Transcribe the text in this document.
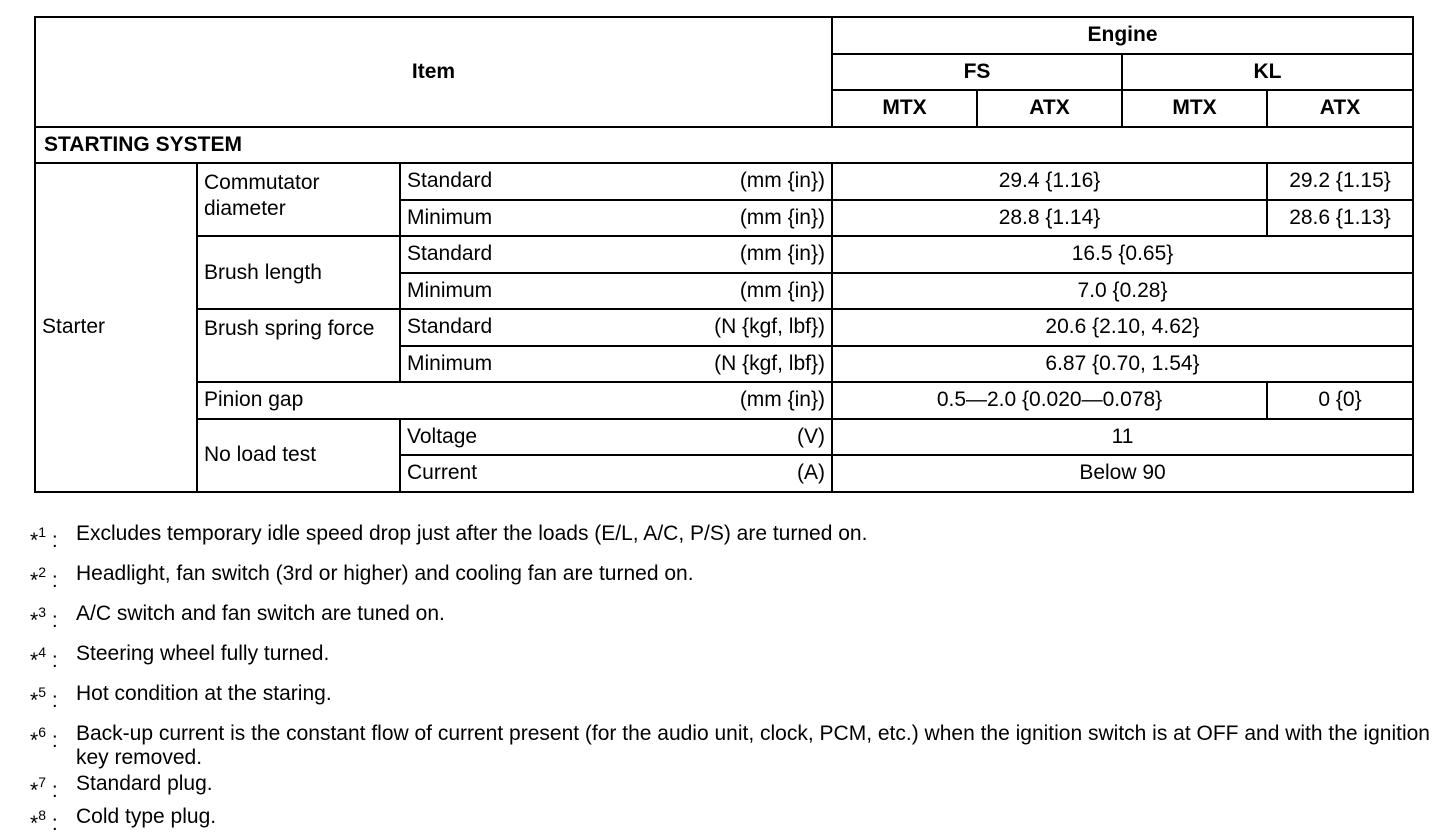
Item			Engine			
			FS		KL	
			MTX	ATX	MTX	ATX
STARTING SYSTEM						
Starter	Commutator diameter	Standard (mm {in})	29.4 {1.16}			29.2 {1.15}

		Minimum (mm {in})	28.8 {1.14}			28.6 {1.13}
	Brush length	Standard (mm {in})	16.5 {0.65}			

		Minimum (mm {in})	7.0 {0.28}			
	Brush spring force	Standard (N {kgf, lbf})	20.6 {2.10, 4.62}			

		Minimum (N {kgf, lbf})	6.87 {0.70, 1.54}			

	Pinion gap (mm {in})		0.5—2.0 {0.020—0.078}			0 {0}
	No load test	Voltage (V)	11			

		Current (A)	Below 90			
*$^1$ : Excludes temporary idle speed drop just after the loads (E/L, A/C, P/S) are turned on.
*$^2$ : Headlight, fan switch (3rd or higher) and cooling fan are turned on.
*$^3$ : A/C switch and fan switch are tuned on.
*$^4$ : Steering wheel fully turned.
*$^5$ : Hot condition at the staring.
*$^6$ : Back-up current is the constant flow of current present (for the audio unit, clock, PCM, etc.) when the ignition switch is at OFF and with the ignition key removed.
*$^7$ : Standard plug.
*$^8$ : Cold type plug.
